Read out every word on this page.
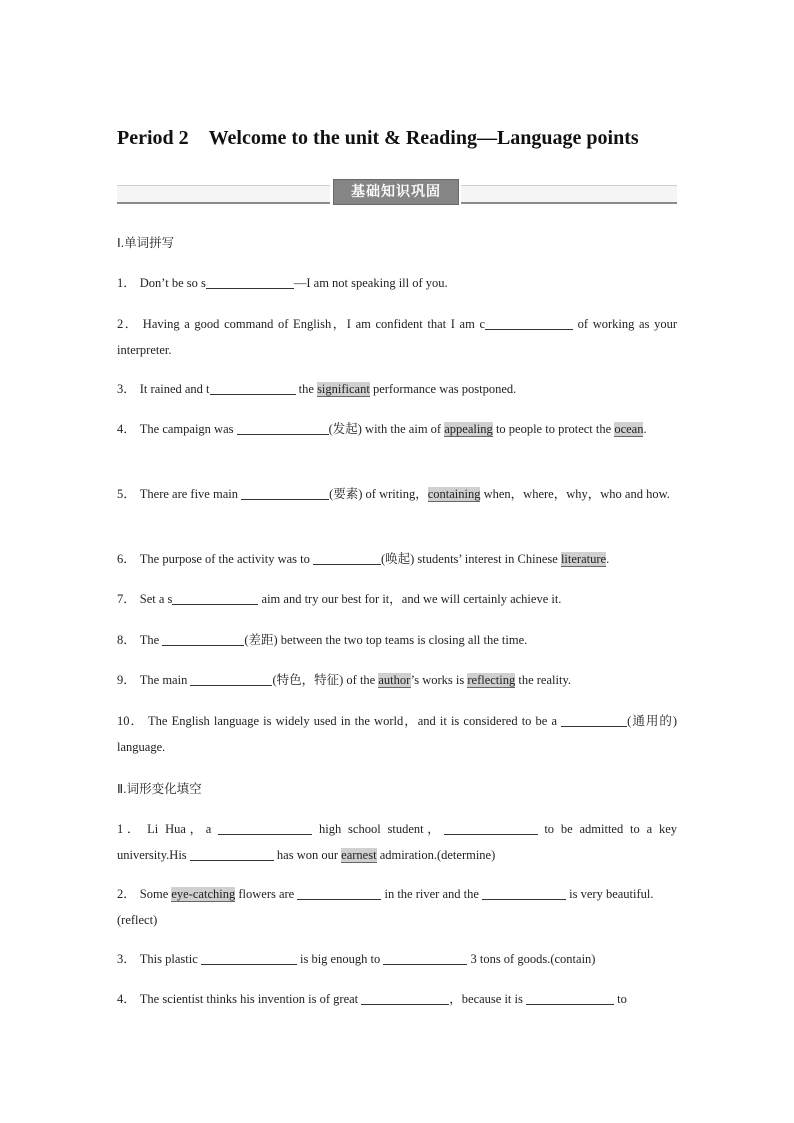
Period 2　Welcome to the unit & Reading—Language points
基础知识巩固
Ⅰ.单词拼写
1． Don’t be so s	—I am not speaking ill of you.
2． Having a good command of English，I am confident that I am c	of working as your interpreter.
3． It rained and t	the significant performance was postponed.
4． The campaign was	(发起) with the aim of appealing to people to protect the ocean.
5． There are five main	(要素) of writing，containing when，where，why，who and how.
6． The purpose of the activity was to	(唤起) students’ interest in Chinese literature.
7． Set a s	aim and try our best for it，and we will certainly achieve it.
8． The	(差距) between the two top teams is closing all the time.
9． The main	(特色，特征) of the author’s works is reflecting the reality.
10． The English language is widely used in the world，and it is considered to be a	(通用的) language.
Ⅱ.词形变化填空
1． Li Hua，a	high school student，	to be admitted to a key university.His	has won our earnest admiration.(determine)
2． Some eye-catching flowers are	in the river and the	is very beautiful.(reflect)
3． This plastic	is big enough to	3 tons of goods.(contain)
4． The scientist thinks his invention is of great	，because it is	to
